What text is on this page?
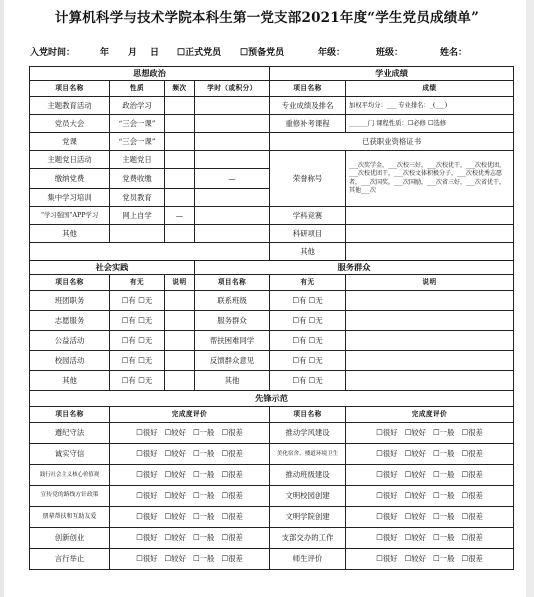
计算机科学与技术学院本科生第一党支部2021年度“学生党员成绩单”
入党时间：	年 月 日 ☐正式党员 ☐预备党员	年级：	班级：	姓名：
思想政治				学业成绩	
项目名称	性质	频次	学时（或积分）	项目名称	成绩
主题教育活动	政治学习			专业成绩及排名	加权平均分：___ 专业排名：_(___)
党员大会	“三会一课”			重修补考课程	______门 课程性质：☐必修 ☐选修
党课	“三会一课”			已获职业资格证书	
主题党日活动	主题党日			荣誉称号	___次奖学金，___次校三好，___次校优干，___次校优团，___次校优团干，___次校文体积极分子，___次校优秀志愿者，___次国奖，___次国励，___次省三好，___次省优干，其他___次
缴纳党费	党费收缴		—		
集中学习培训	党员教育				
“学习强国”APP学习	网上自学	—		学科竞赛	
其他				科研项目	
				其他	
社会实践			服务群众		
项目名称	有无	说明	项目名称	有无	说明
班团职务	☐有 ☐无		联系班级	☐有 ☐无	
志愿服务	☐有 ☐无		服务群众	☐有 ☐无	
公益活动	☐有 ☐无		帮扶困难同学	☐有 ☐无	
校园活动	☐有 ☐无		反馈群众意见	☐有 ☐无	
其他	☐有 ☐无		其他	☐有 ☐无	
先锋示范					
项目名称	完成度评价			项目名称	完成度评价
遵纪守法	☐很好 ☐较好 ☐一般 ☐很差			推动学风建设	☐很好 ☐较好 ☐一般 ☐很差
诚实守信	☐很好 ☐较好 ☐一般 ☐很差			美化宿舍、楼道环境卫生	☐很好 ☐较好 ☐一般 ☐很差
践行社会主义核心价值观	☐很好 ☐较好 ☐一般 ☐很差			推动班级建设	☐很好 ☐较好 ☐一般 ☐很差
宣传党的路线方针政策	☐很好 ☐较好 ☐一般 ☐很差			文明校园创建	☐很好 ☐较好 ☐一般 ☐很差
朋辈帮扶和互助友爱	☐很好 ☐较好 ☐一般 ☐很差			文明学院创建	☐很好 ☐较好 ☐一般 ☐很差
创新创业	☐很好 ☐较好 ☐一般 ☐很差			支部交办的工作	☐很好 ☐较好 ☐一般 ☐很差
言行举止	☐很好 ☐较好 ☐一般 ☐很差			师生评价	☐很好 ☐较好 ☐一般 ☐很差
